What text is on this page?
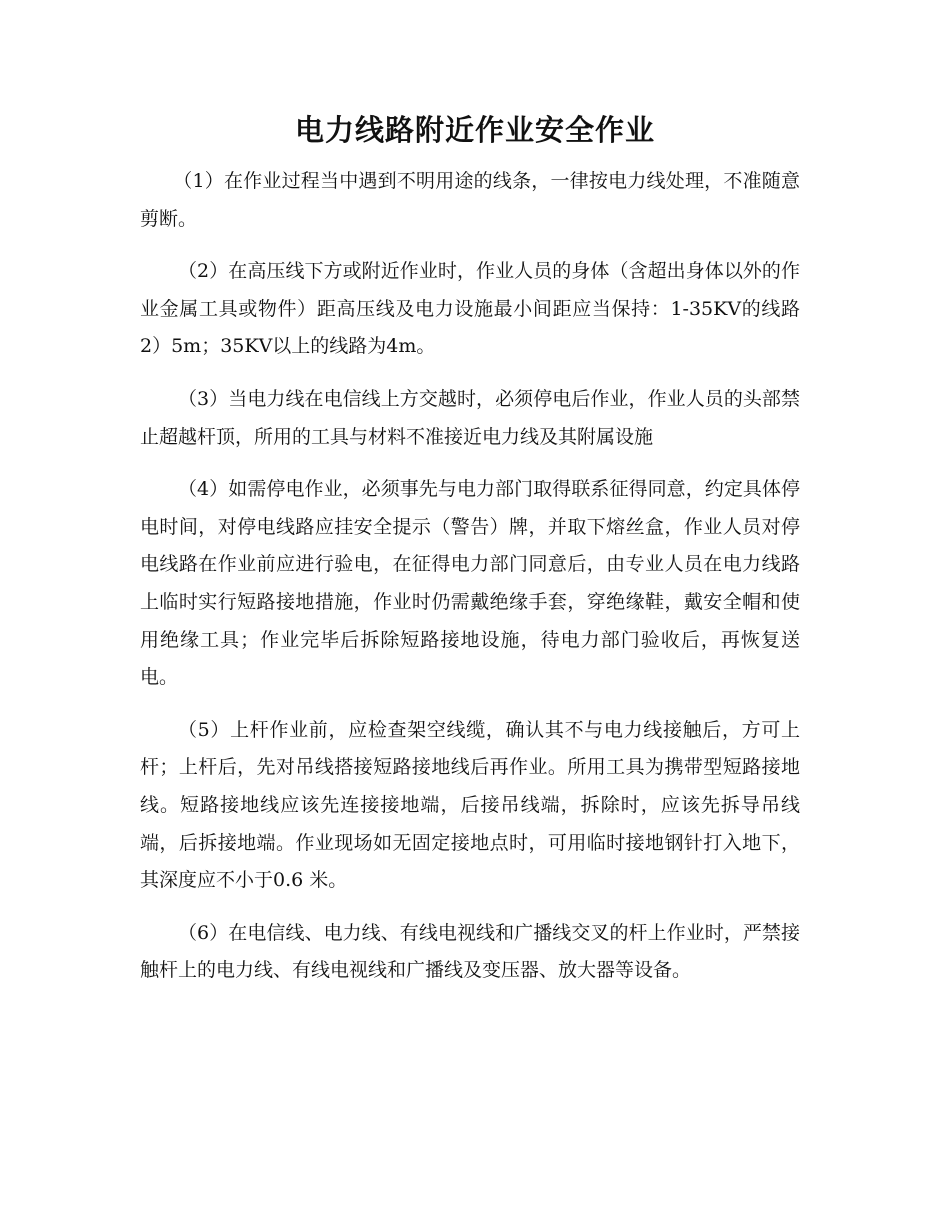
电力线路附近作业安全作业

（1）在作业过程当中遇到不明用途的线条，一律按电力线处理，不准随意剪断。

（2）在高压线下方或附近作业时，作业人员的身体（含超出身体以外的作业金属工具或物件）距高压线及电力设施最小间距应当保持：1-35KV的线路2）5m；35KV以上的线路为4m。

（3）当电力线在电信线上方交越时，必须停电后作业，作业人员的头部禁止超越杆顶，所用的工具与材料不准接近电力线及其附属设施

（4）如需停电作业，必须事先与电力部门取得联系征得同意，约定具体停电时间，对停电线路应挂安全提示（警告）牌，并取下熔丝盒，作业人员对停电线路在作业前应进行验电，在征得电力部门同意后，由专业人员在电力线路上临时实行短路接地措施，作业时仍需戴绝缘手套，穿绝缘鞋，戴安全帽和使用绝缘工具；作业完毕后拆除短路接地设施，待电力部门验收后，再恢复送电。

（5）上杆作业前，应检查架空线缆，确认其不与电力线接触后，方可上杆；上杆后，先对吊线搭接短路接地线后再作业。所用工具为携带型短路接地线。短路接地线应该先连接接地端，后接吊线端，拆除时，应该先拆导吊线端，后拆接地端。作业现场如无固定接地点时，可用临时接地钢针打入地下，其深度应不小于0.6 米。

（6）在电信线、电力线、有线电视线和广播线交叉的杆上作业时，严禁接触杆上的电力线、有线电视线和广播线及变压器、放大器等设备。
